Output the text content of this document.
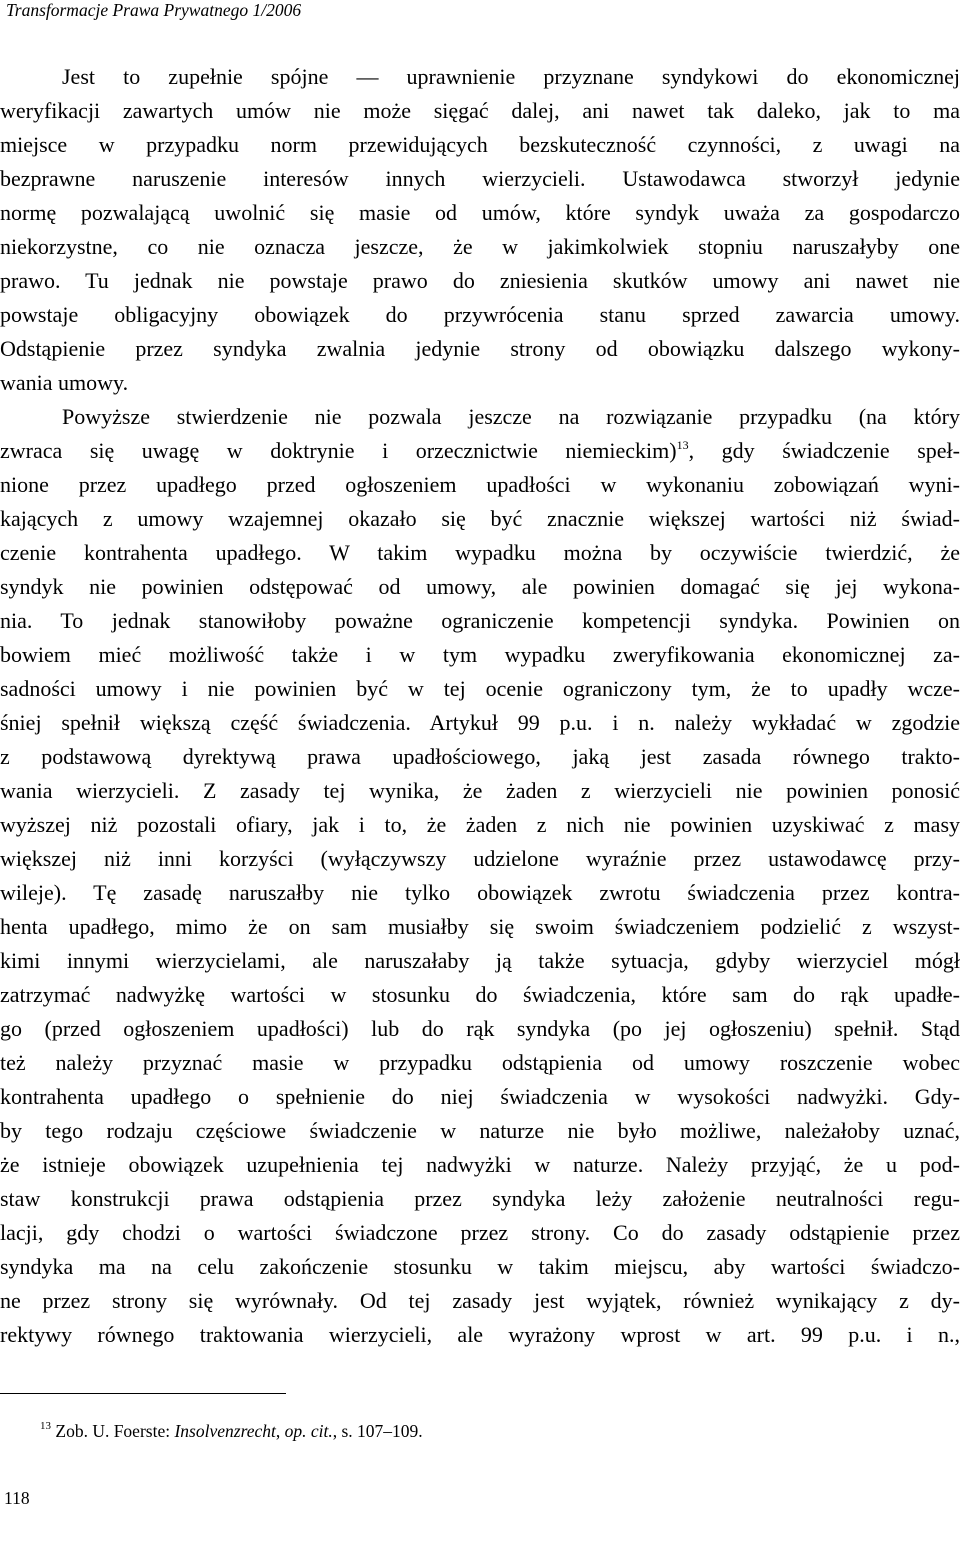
Transformacje Prawa Prywatnego 1/2006
Jest to zupełnie spójne — uprawnienie przyznane syndykowi do ekonomicznej
weryfikacji zawartych umów nie może sięgać dalej, ani nawet tak daleko, jak to ma
miejsce w przypadku norm przewidujących bezskuteczność czynności, z uwagi na
bezprawne naruszenie interesów innych wierzycieli. Ustawodawca stworzył jedynie
normę pozwalającą uwolnić się masie od umów, które syndyk uważa za gospodarczo
niekorzystne, co nie oznacza jeszcze, że w jakimkolwiek stopniu naruszałyby one
prawo. Tu jednak nie powstaje prawo do zniesienia skutków umowy ani nawet nie
powstaje obligacyjny obowiązek do przywrócenia stanu sprzed zawarcia umowy.
Odstąpienie przez syndyka zwalnia jedynie strony od obowiązku dalszego wykony-
wania umowy.
Powyższe stwierdzenie nie pozwala jeszcze na rozwiązanie przypadku (na który
zwraca się uwagę w doktrynie i orzecznictwie niemieckim)$^{13}$, gdy świadczenie speł-
nione przez upadłego przed ogłoszeniem upadłości w wykonaniu zobowiązań wyni-
kających z umowy wzajemnej okazało się być znacznie większej wartości niż świad-
czenie kontrahenta upadłego. W takim wypadku można by oczywiście twierdzić, że
syndyk nie powinien odstępować od umowy, ale powinien domagać się jej wykona-
nia. To jednak stanowiłoby poważne ograniczenie kompetencji syndyka. Powinien on
bowiem mieć możliwość także i w tym wypadku zweryfikowania ekonomicznej za-
sadności umowy i nie powinien być w tej ocenie ograniczony tym, że to upadły wcze-
śniej spełnił większą część świadczenia. Artykuł 99 p.u. i n. należy wykładać w zgodzie
z podstawową dyrektywą prawa upadłościowego, jaką jest zasada równego trakto-
wania wierzycieli. Z zasady tej wynika, że żaden z wierzycieli nie powinien ponosić
wyższej niż pozostali ofiary, jak i to, że żaden z nich nie powinien uzyskiwać z masy
większej niż inni korzyści (wyłączywszy udzielone wyraźnie przez ustawodawcę przy-
wileje). Tę zasadę naruszałby nie tylko obowiązek zwrotu świadczenia przez kontra-
henta upadłego, mimo że on sam musiałby się swoim świadczeniem podzielić z wszyst-
kimi innymi wierzycielami, ale naruszałaby ją także sytuacja, gdyby wierzyciel mógł
zatrzymać nadwyżkę wartości w stosunku do świadczenia, które sam do rąk upadłe-
go (przed ogłoszeniem upadłości) lub do rąk syndyka (po jej ogłoszeniu) spełnił. Stąd
też należy przyznać masie w przypadku odstąpienia od umowy roszczenie wobec
kontrahenta upadłego o spełnienie do niej świadczenia w wysokości nadwyżki. Gdy-
by tego rodzaju częściowe świadczenie w naturze nie było możliwe, należałoby uznać,
że istnieje obowiązek uzupełnienia tej nadwyżki w naturze. Należy przyjąć, że u pod-
staw konstrukcji prawa odstąpienia przez syndyka leży założenie neutralności regu-
lacji, gdy chodzi o wartości świadczone przez strony. Co do zasady odstąpienie przez
syndyka ma na celu zakończenie stosunku w takim miejscu, aby wartości świadczo-
ne przez strony się wyrównały. Od tej zasady jest wyjątek, również wynikający z dy-
rektywy równego traktowania wierzycieli, ale wyrażony wprost w art. 99 p.u. i n.,
$^{13}$ Zob. U. Foerste: Insolvenzrecht, op. cit., s. 107–109.
118
